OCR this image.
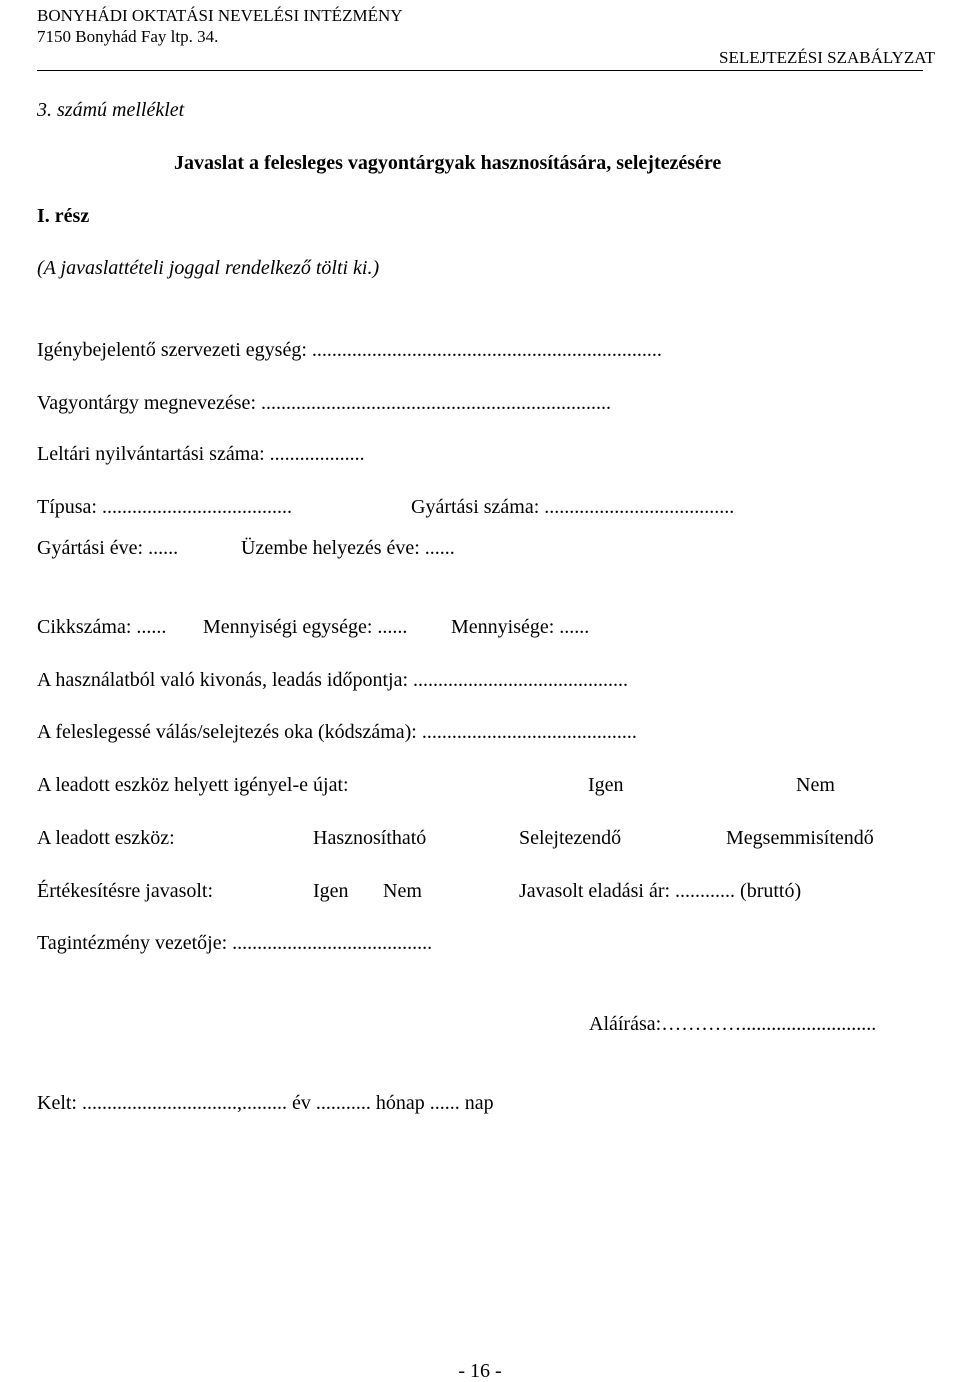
BONYHÁDI OKTATÁSI NEVELÉSI INTÉZMÉNY
7150 Bonyhád Fay ltp. 34.
SELEJTEZÉSI SZABÁLYZAT
3. számú melléklet
Javaslat a felesleges vagyontárgyak hasznosítására, selejtezésére
I. rész
(A javaslattételi joggal rendelkező tölti ki.)
Igénybejelentő szervezeti egység: ......................................................................
Vagyontárgy megnevezése: ......................................................................
Leltári nyilvántartási száma: ...................
Típusa: ......................................	Gyártási száma: ......................................
Gyártási éve: ......	Üzembe helyezés éve: ......
Cikkszáma: ...... Mennyiségi egysége: ...... Mennyisége: ......
A használatból való kivonás, leadás időpontja: ...........................................
A feleslegessé válás/selejtezés oka (kódszáma): ...........................................
A leadott eszköz helyett igényel-e újat:	Igen	Nem
A leadott eszköz:	Hasznosítható	Selejtezendő	Megsemmisítendő
Értékesítésre javasolt:	Igen Nem	Javasolt eladási ár: ............ (bruttó)
Tagintézmény vezetője: ........................................
Aláírása:…………...........................
Kelt: ...............................,......... év ........... hónap ...... nap
- 16 -
